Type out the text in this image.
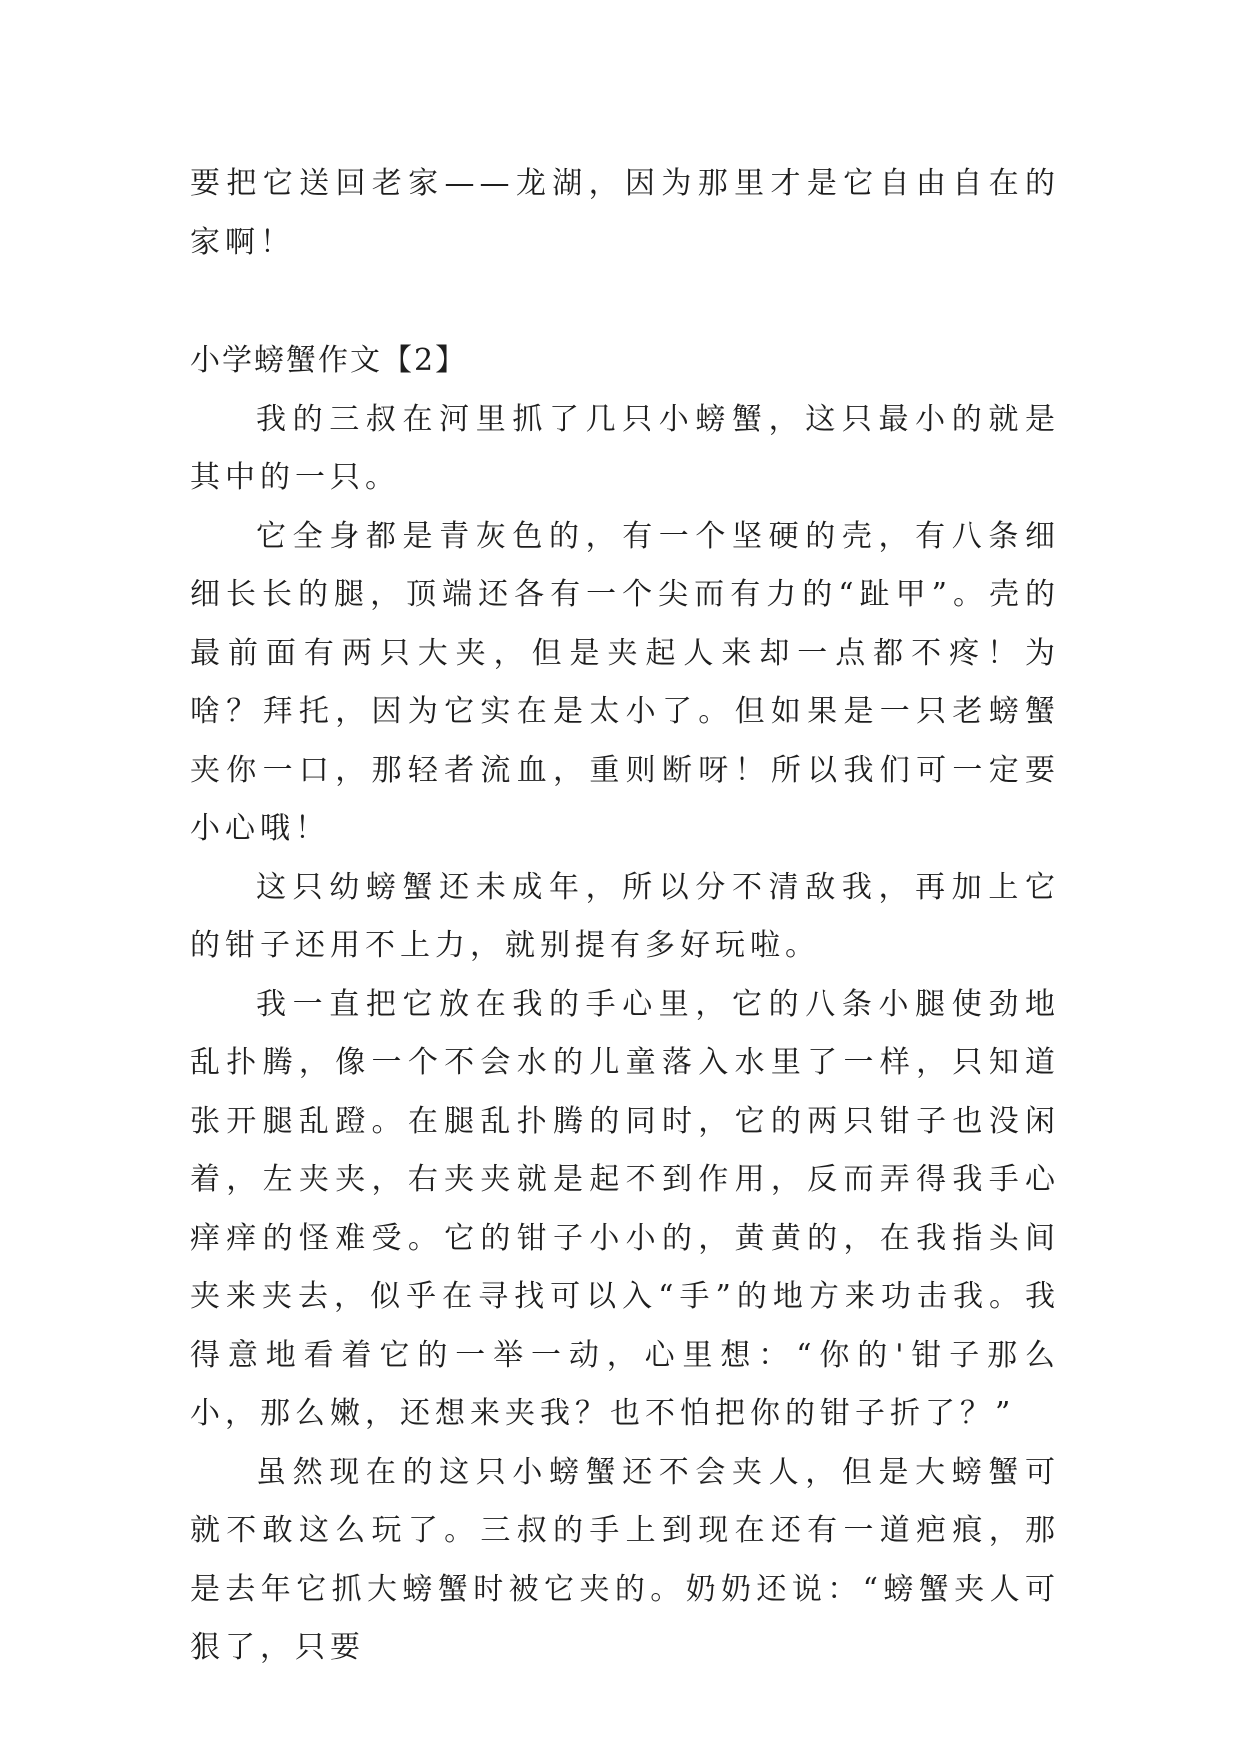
要把它送回老家——龙湖，因为那里才是它自由自在的家啊！

小学螃蟹作文【2】

我的三叔在河里抓了几只小螃蟹，这只最小的就是其中的一只。

它全身都是青灰色的，有一个坚硬的壳，有八条细细长长的腿，顶端还各有一个尖而有力的“趾甲”。壳的最前面有两只大夹，但是夹起人来却一点都不疼！为啥？拜托，因为它实在是太小了。但如果是一只老螃蟹夹你一口，那轻者流血，重则断呀！所以我们可一定要小心哦！

这只幼螃蟹还未成年，所以分不清敌我，再加上它的钳子还用不上力，就别提有多好玩啦。

我一直把它放在我的手心里，它的八条小腿使劲地乱扑腾，像一个不会水的儿童落入水里了一样，只知道张开腿乱蹬。在腿乱扑腾的同时，它的两只钳子也没闲着，左夹夹，右夹夹就是起不到作用，反而弄得我手心痒痒的怪难受。它的钳子小小的，黄黄的，在我指头间夹来夹去，似乎在寻找可以入“手”的地方来功击我。我得意地看着它的一举一动，心里想：“你的'钳子那么小，那么嫩，还想来夹我？也不怕把你的钳子折了？”

虽然现在的这只小螃蟹还不会夹人，但是大螃蟹可就不敢这么玩了。三叔的手上到现在还有一道疤痕，那是去年它抓大螃蟹时被它夹的。奶奶还说：“螃蟹夹人可狠了，只要
